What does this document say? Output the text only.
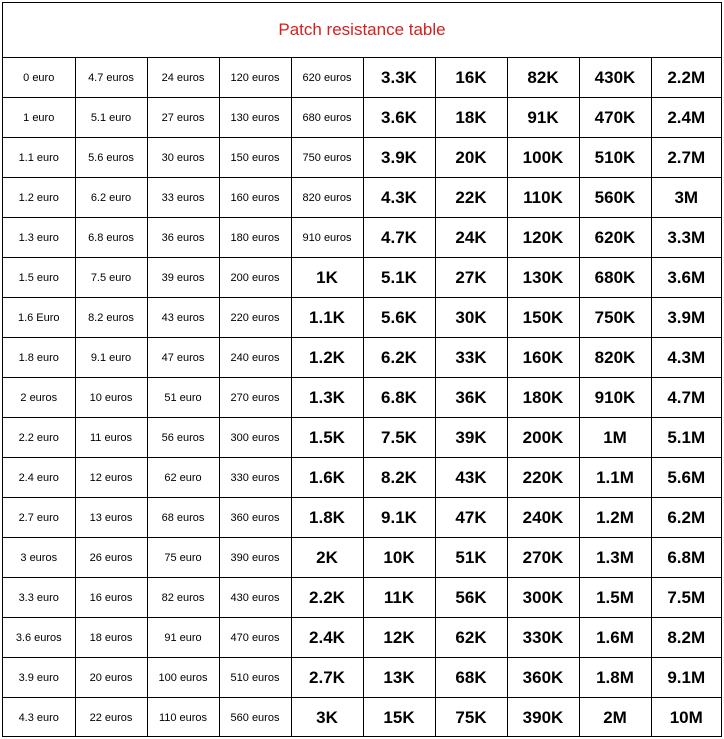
Patch resistance table
0 euro	4.7 euros	24 euros	120 euros	620 euros	3.3K	16K	82K	430K	2.2M
1 euro	5.1 euro	27 euros	130 euros	680 euros	3.6K	18K	91K	470K	2.4M
1.1 euro	5.6 euros	30 euros	150 euros	750 euros	3.9K	20K	100K	510K	2.7M
1.2 euro	6.2 euro	33 euros	160 euros	820 euros	4.3K	22K	110K	560K	3M
1.3 euro	6.8 euros	36 euros	180 euros	910 euros	4.7K	24K	120K	620K	3.3M
1.5 euro	7.5 euro	39 euros	200 euros	1K	5.1K	27K	130K	680K	3.6M
1.6 Euro	8.2 euros	43 euros	220 euros	1.1K	5.6K	30K	150K	750K	3.9M
1.8 euro	9.1 euro	47 euros	240 euros	1.2K	6.2K	33K	160K	820K	4.3M
2 euros	10 euros	51 euro	270 euros	1.3K	6.8K	36K	180K	910K	4.7M
2.2 euro	11 euros	56 euros	300 euros	1.5K	7.5K	39K	200K	1M	5.1M
2.4 euro	12 euros	62 euro	330 euros	1.6K	8.2K	43K	220K	1.1M	5.6M
2.7 euro	13 euros	68 euros	360 euros	1.8K	9.1K	47K	240K	1.2M	6.2M
3 euros	26 euros	75 euro	390 euros	2K	10K	51K	270K	1.3M	6.8M
3.3 euro	16 euros	82 euros	430 euros	2.2K	11K	56K	300K	1.5M	7.5M
3.6 euros	18 euros	91 euro	470 euros	2.4K	12K	62K	330K	1.6M	8.2M
3.9 euro	20 euros	100 euros	510 euros	2.7K	13K	68K	360K	1.8M	9.1M
4.3 euro	22 euros	110 euros	560 euros	3K	15K	75K	390K	2M	10M
